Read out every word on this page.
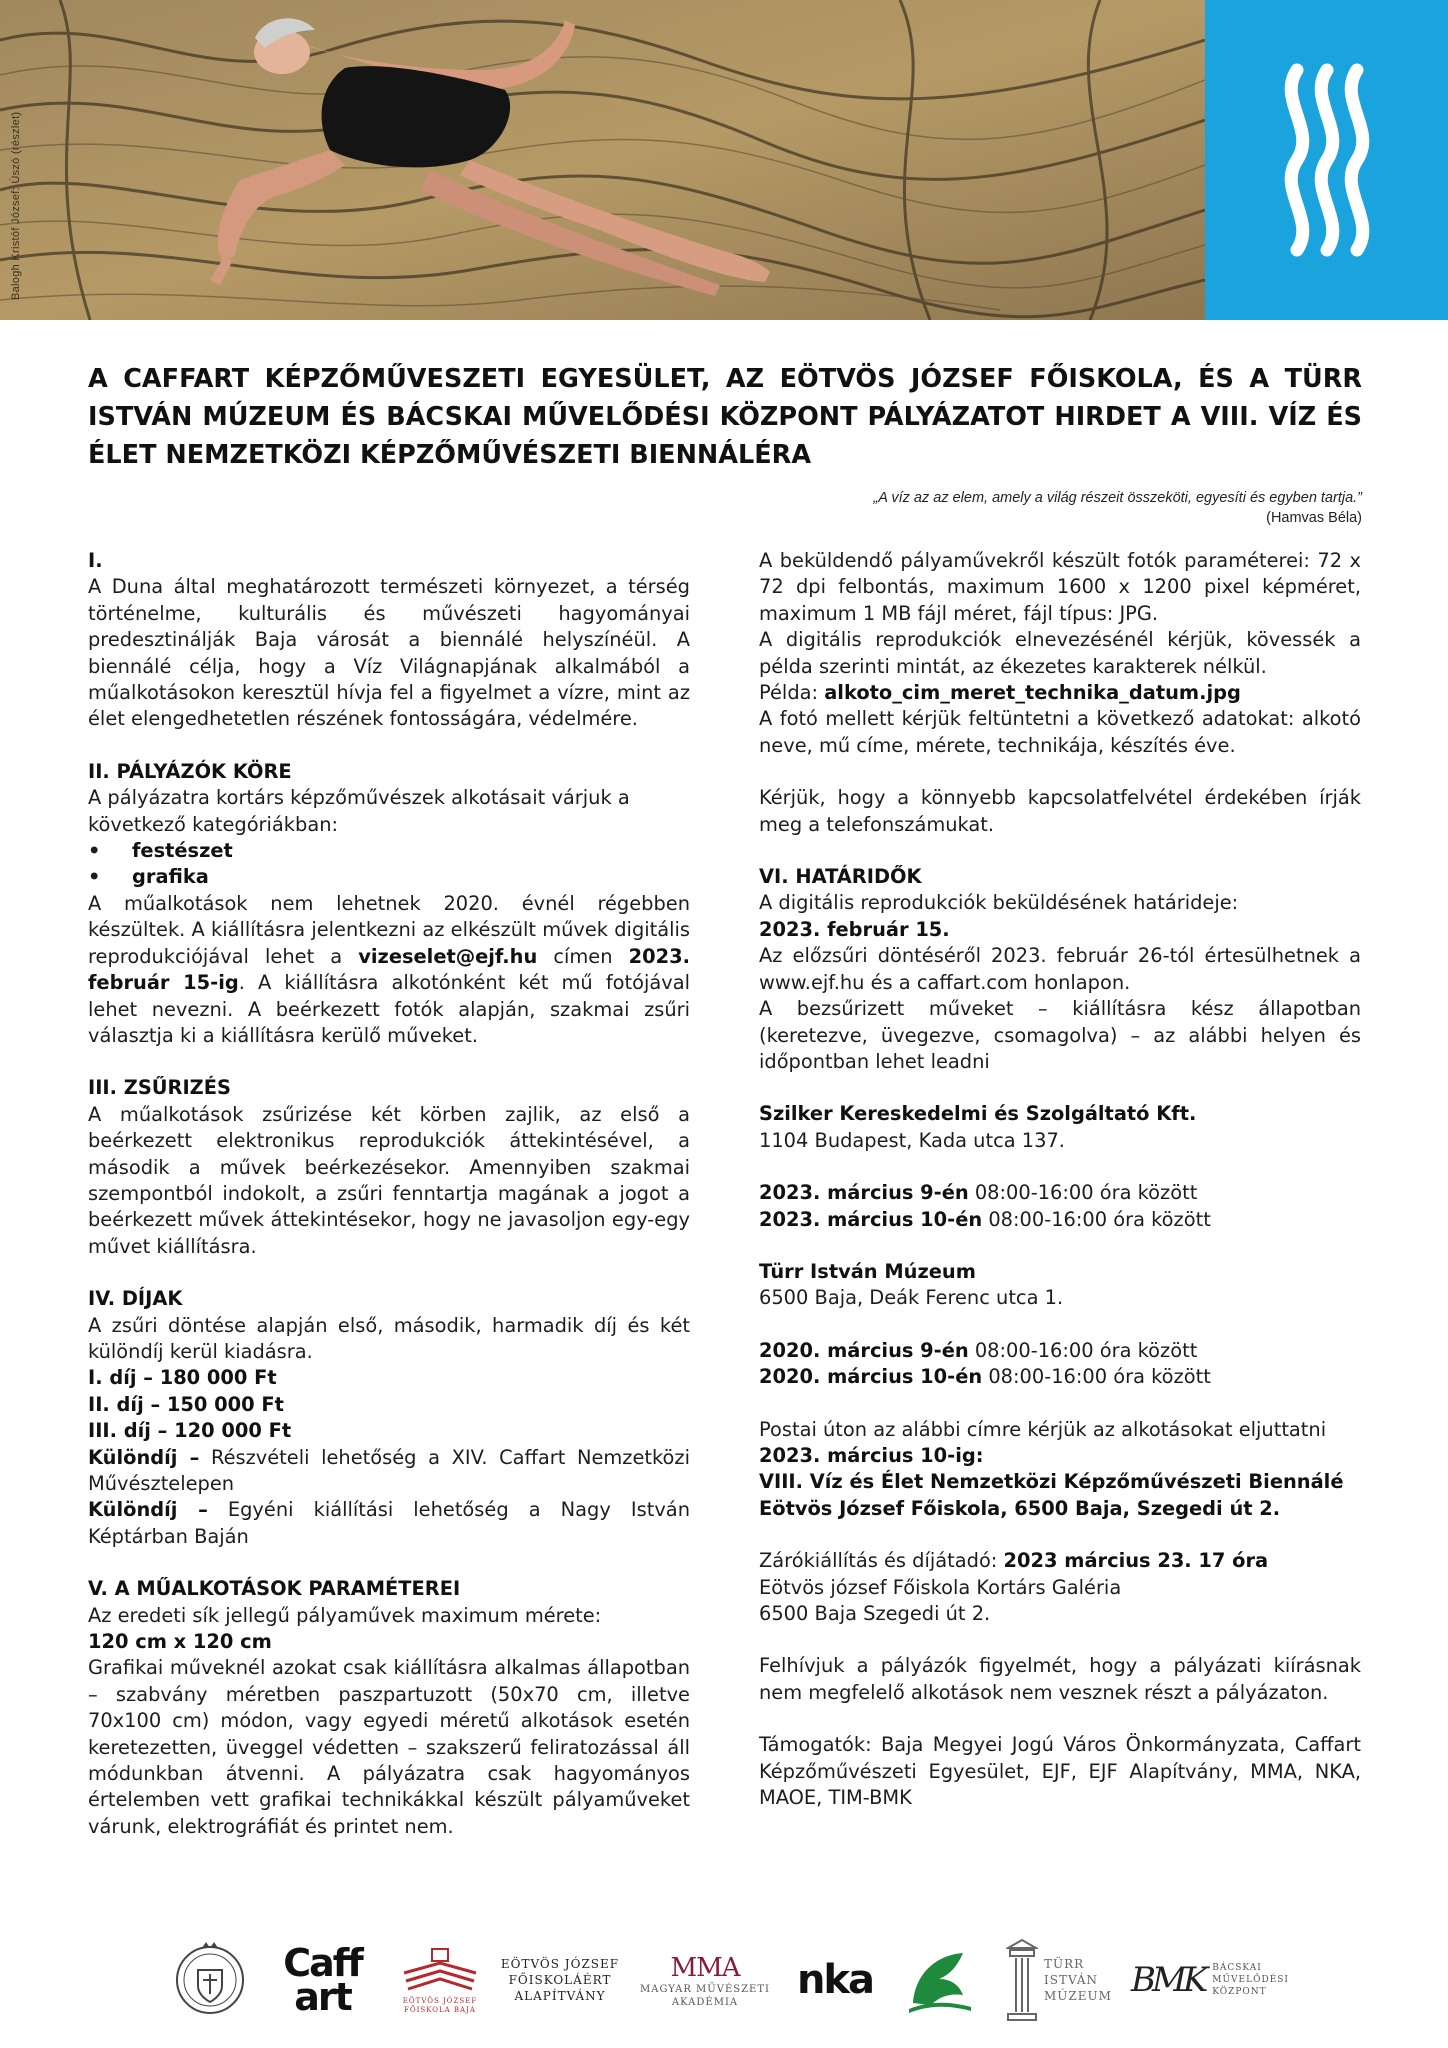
Balogh Kristóf József: Úszó (részlet)
A CAFFART KÉPZŐMŰVESZETI EGYESÜLET, AZ EÖTVÖS JÓZSEF FŐISKOLA, ÉS A TÜRR ISTVÁN MÚZEUM ÉS BÁCSKAI MŰVELŐDÉSI KÖZPONT PÁLYÁZATOT HIRDET A VIII. VÍZ ÉS ÉLET NEMZETKÖZI KÉPZŐMŰVÉSZETI BIENNÁLÉRA
„A víz az az elem, amely a világ részeit összeköti, egyesíti és egyben tartja.”
(Hamvas Béla)

I.

A Duna által meghatározott természeti környezet, a térség történelme, kulturális és művészeti hagyományai predesztinálják Baja városát a biennálé helyszínéül. A biennálé célja, hogy a Víz Világnapjának alkalmából a műalkotásokon keresztül hívja fel a figyelmet a vízre, mint az élet elengedhetetlen részének fontosságára, védelmére.

II. PÁLYÁZÓK KÖRE

A pályázatra kortárs képzőművészek alkotásait várjuk a következő kategóriákban:

•	festészet
•	grafika

A műalkotások nem lehetnek 2020. évnél régebben készültek. A kiállításra jelentkezni az elkészült művek digitális reprodukciójával lehet a vizeselet@ejf.hu címen 2023. február 15-ig. A kiállításra alkotónként két mű fotójával lehet nevezni. A beérkezett fotók alapján, szakmai zsűri választja ki a kiállításra kerülő műveket.

III. ZSŰRIZÉS

A műalkotások zsűrizése két körben zajlik, az első a beérkezett elektronikus reprodukciók áttekintésével, a második a művek beérkezésekor. Amennyiben szakmai szempontból indokolt, a zsűri fenntartja magának a jogot a beérkezett művek áttekintésekor, hogy ne javasoljon egy-egy művet kiállításra.

IV. DÍJAK

A zsűri döntése alapján első, második, harmadik díj és két különdíj kerül kiadásra.

I. díj – 180 000 Ft

II. díj – 150 000 Ft

III. díj – 120 000 Ft

Különdíj – Részvételi lehetőség a XIV. Caffart Nemzetközi Művésztelepen

Különdíj – Egyéni kiállítási lehetőség a Nagy István Képtárban Baján

V. A MŰALKOTÁSOK PARAMÉTEREI

Az eredeti sík jellegű pályaművek maximum mérete:

120 cm x 120 cm

Grafikai műveknél azokat csak kiállításra alkalmas állapotban – szabvány méretben paszpartuzott (50x70 cm, illetve 70x100 cm) módon, vagy egyedi méretű alkotások esetén keretezetten, üveggel védetten – szakszerű feliratozással áll módunkban átvenni. A pályázatra csak hagyományos értelemben vett grafikai technikákkal készült pályaműveket várunk, elektrográfiát és printet nem.

A beküldendő pályaművekről készült fotók paraméterei: 72 x 72 dpi felbontás, maximum 1600 x 1200 pixel képméret, maximum 1 MB fájl méret, fájl típus: JPG.

A digitális reprodukciók elnevezésénél kérjük, kövessék a példa szerinti mintát, az ékezetes karakterek nélkül.

Példa: alkoto_cim_meret_technika_datum.jpg

A fotó mellett kérjük feltüntetni a következő adatokat: alkotó neve, mű címe, mérete, technikája, készítés éve.

Kérjük, hogy a könnyebb kapcsolatfelvétel érdekében írják meg a telefonszámukat.

VI. HATÁRIDŐK

A digitális reprodukciók beküldésének határideje:

2023. február 15.

Az előzsűri döntéséről 2023. február 26-tól értesülhetnek a www.ejf.hu és a caffart.com honlapon.

A bezsűrizett műveket – kiállításra kész állapotban (keretezve, üvegezve, csomagolva) – az alábbi helyen és időpontban lehet leadni

Szilker Kereskedelmi és Szolgáltató Kft.

1104 Budapest, Kada utca 137.

2023. március 9-én 08:00-16:00 óra között

2023. március 10-én 08:00-16:00 óra között

Türr István Múzeum

6500 Baja, Deák Ferenc utca 1.

2020. március 9-én 08:00-16:00 óra között

2020. március 10-én 08:00-16:00 óra között

Postai úton az alábbi címre kérjük az alkotásokat eljuttatni 2023. március 10-ig:

VIII. Víz és Élet Nemzetközi Képzőművészeti Biennálé

Eötvös József Főiskola, 6500 Baja, Szegedi út 2.

Zárókiállítás és díjátadó: 2023 március 23. 17 óra

Eötvös józsef Főiskola Kortárs Galéria

6500 Baja Szegedi út 2.

Felhívjuk a pályázók figyelmét, hogy a pályázati kiírásnak nem megfelelő alkotások nem vesznek részt a pályázaton.

Támogatók: Baja Megyei Jogú Város Önkormányzata, Caffart Képzőművészeti Egyesület, EJF, EJF Alapítvány, MMA, NKA, MAOE, TIM-BMK

Caff
art	EÖTVÖS JÓZSEF FŐISKOLA BAJA
EÖTVÖS JÓZSEF FŐISKOLÁÉRT ALAPÍTVÁNY
MMA
MAGYAR MŰVÉSZETI AKADÉMIA	nka	TÜRR ISTVÁN MÚZEUM BMK BÁCSKAI MŰVELŐDÉSI KÖZPONT
